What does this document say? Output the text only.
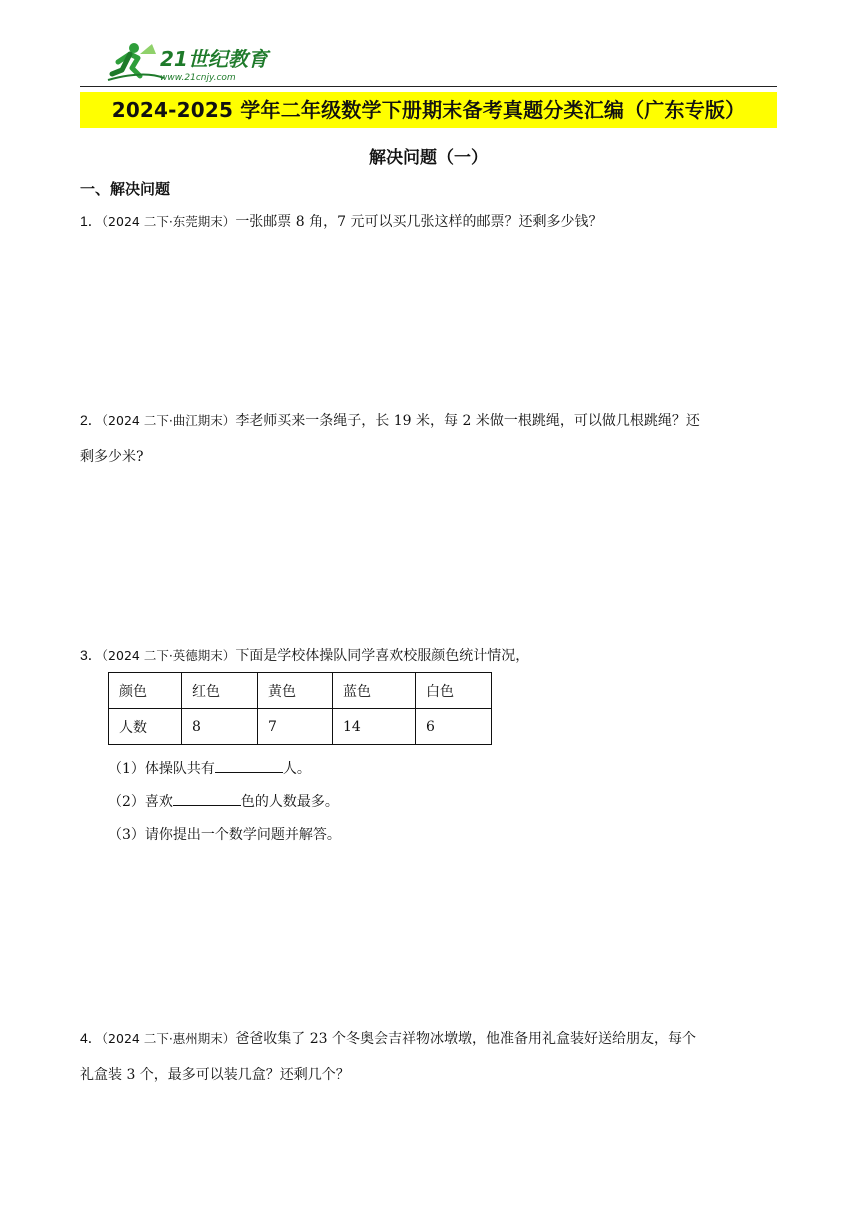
21世纪教育
www.21cnjy.com
2024-2025 学年二年级数学下册期末备考真题分类汇编（广东专版）
解决问题（一）
一、解决问题
1．（2024 二下·东莞期末）一张邮票 8 角，7 元可以买几张这样的邮票？还剩多少钱？
2．（2024 二下·曲江期末）李老师买来一条绳子，长 19 米，每 2 米做一根跳绳，可以做几根跳绳？还
剩多少米?
3．（2024 二下·英德期末）下面是学校体操队同学喜欢校服颜色统计情况，
颜色	红色	黄色	蓝色	白色
人数	8	7	14	6
（1）体操队共有	人。
（2）喜欢	色的人数最多。
（3）请你提出一个数学问题并解答。
4．（2024 二下·惠州期末）爸爸收集了 23 个冬奥会吉祥物冰墩墩，他准备用礼盒装好送给朋友，每个
礼盒装 3 个，最多可以装几盒？还剩几个？
